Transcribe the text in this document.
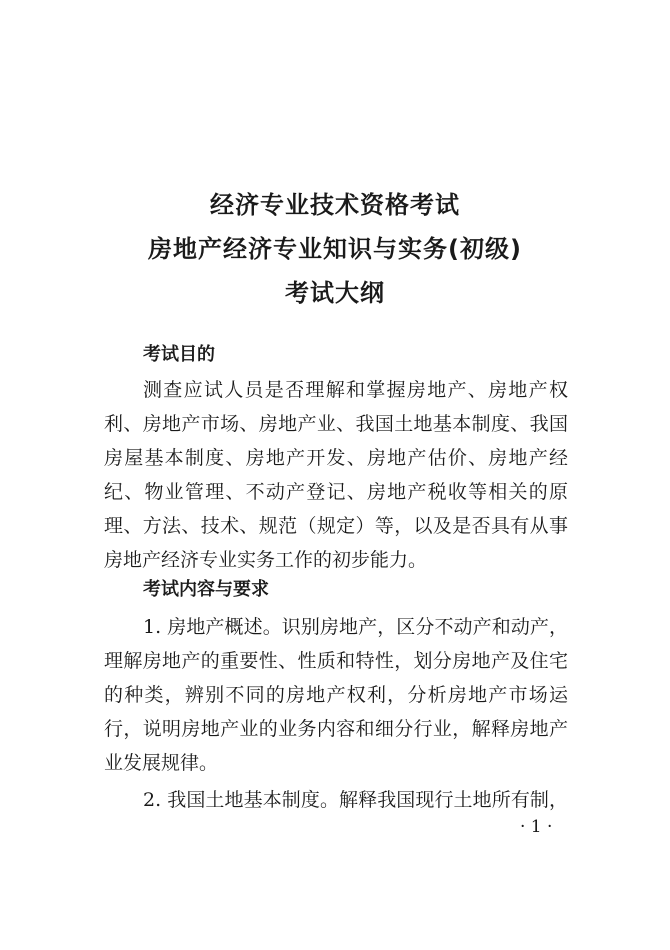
经济专业技术资格考试
房地产经济专业知识与实务(初级)
考试大纲
考试目的
测查应试人员是否理解和掌握房地产、房地产权
利、房地产市场、房地产业、我国土地基本制度、我国
房屋基本制度、房地产开发、房地产估价、房地产经
纪、物业管理、不动产登记、房地产税收等相关的原
理、方法、技术、规范（规定）等，以及是否具有从事
房地产经济专业实务工作的初步能力。
考试内容与要求
1. 房地产概述。识别房地产，区分不动产和动产，
理解房地产的重要性、性质和特性，划分房地产及住宅
的种类，辨别不同的房地产权利，分析房地产市场运
行，说明房地产业的业务内容和细分行业，解释房地产
业发展规律。
2. 我国土地基本制度。解释我国现行土地所有制，
· 1 ·
